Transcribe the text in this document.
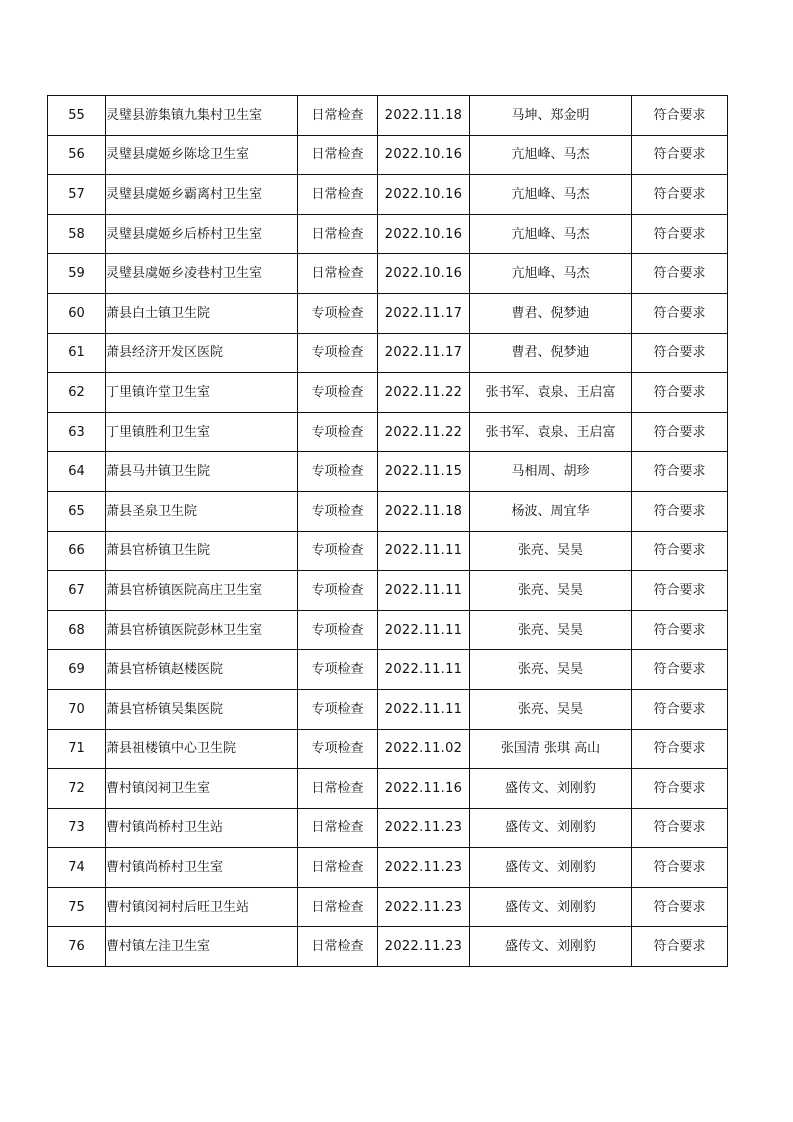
55	灵璧县游集镇九集村卫生室	日常检查	2022.11.18	马坤、郑金明	符合要求
56	灵璧县虞姬乡陈埝卫生室	日常检查	2022.10.16	亢旭峰、马杰	符合要求
57	灵璧县虞姬乡霸离村卫生室	日常检查	2022.10.16	亢旭峰、马杰	符合要求
58	灵璧县虞姬乡后桥村卫生室	日常检查	2022.10.16	亢旭峰、马杰	符合要求
59	灵璧县虞姬乡凌巷村卫生室	日常检查	2022.10.16	亢旭峰、马杰	符合要求
60	萧县白土镇卫生院	专项检查	2022.11.17	曹君、倪梦迪	符合要求
61	萧县经济开发区医院	专项检查	2022.11.17	曹君、倪梦迪	符合要求
62	丁里镇许堂卫生室	专项检查	2022.11.22	张书军、袁泉、王启富	符合要求
63	丁里镇胜利卫生室	专项检查	2022.11.22	张书军、袁泉、王启富	符合要求
64	萧县马井镇卫生院	专项检查	2022.11.15	马相周、胡珍	符合要求
65	萧县圣泉卫生院	专项检查	2022.11.18	杨波、周宜华	符合要求
66	萧县官桥镇卫生院	专项检查	2022.11.11	张亮、吴昊	符合要求
67	萧县官桥镇医院高庄卫生室	专项检查	2022.11.11	张亮、吴昊	符合要求
68	萧县官桥镇医院彭林卫生室	专项检查	2022.11.11	张亮、吴昊	符合要求
69	萧县官桥镇赵楼医院	专项检查	2022.11.11	张亮、吴昊	符合要求
70	萧县官桥镇吴集医院	专项检查	2022.11.11	张亮、吴昊	符合要求
71	萧县祖楼镇中心卫生院	专项检查	2022.11.02	张国清 张琪 高山	符合要求
72	曹村镇闵祠卫生室	日常检查	2022.11.16	盛传文、刘刚豹	符合要求
73	曹村镇尚桥村卫生站	日常检查	2022.11.23	盛传文、刘刚豹	符合要求
74	曹村镇尚桥村卫生室	日常检查	2022.11.23	盛传文、刘刚豹	符合要求
75	曹村镇闵祠村后旺卫生站	日常检查	2022.11.23	盛传文、刘刚豹	符合要求
76	曹村镇左洼卫生室	日常检查	2022.11.23	盛传文、刘刚豹	符合要求
